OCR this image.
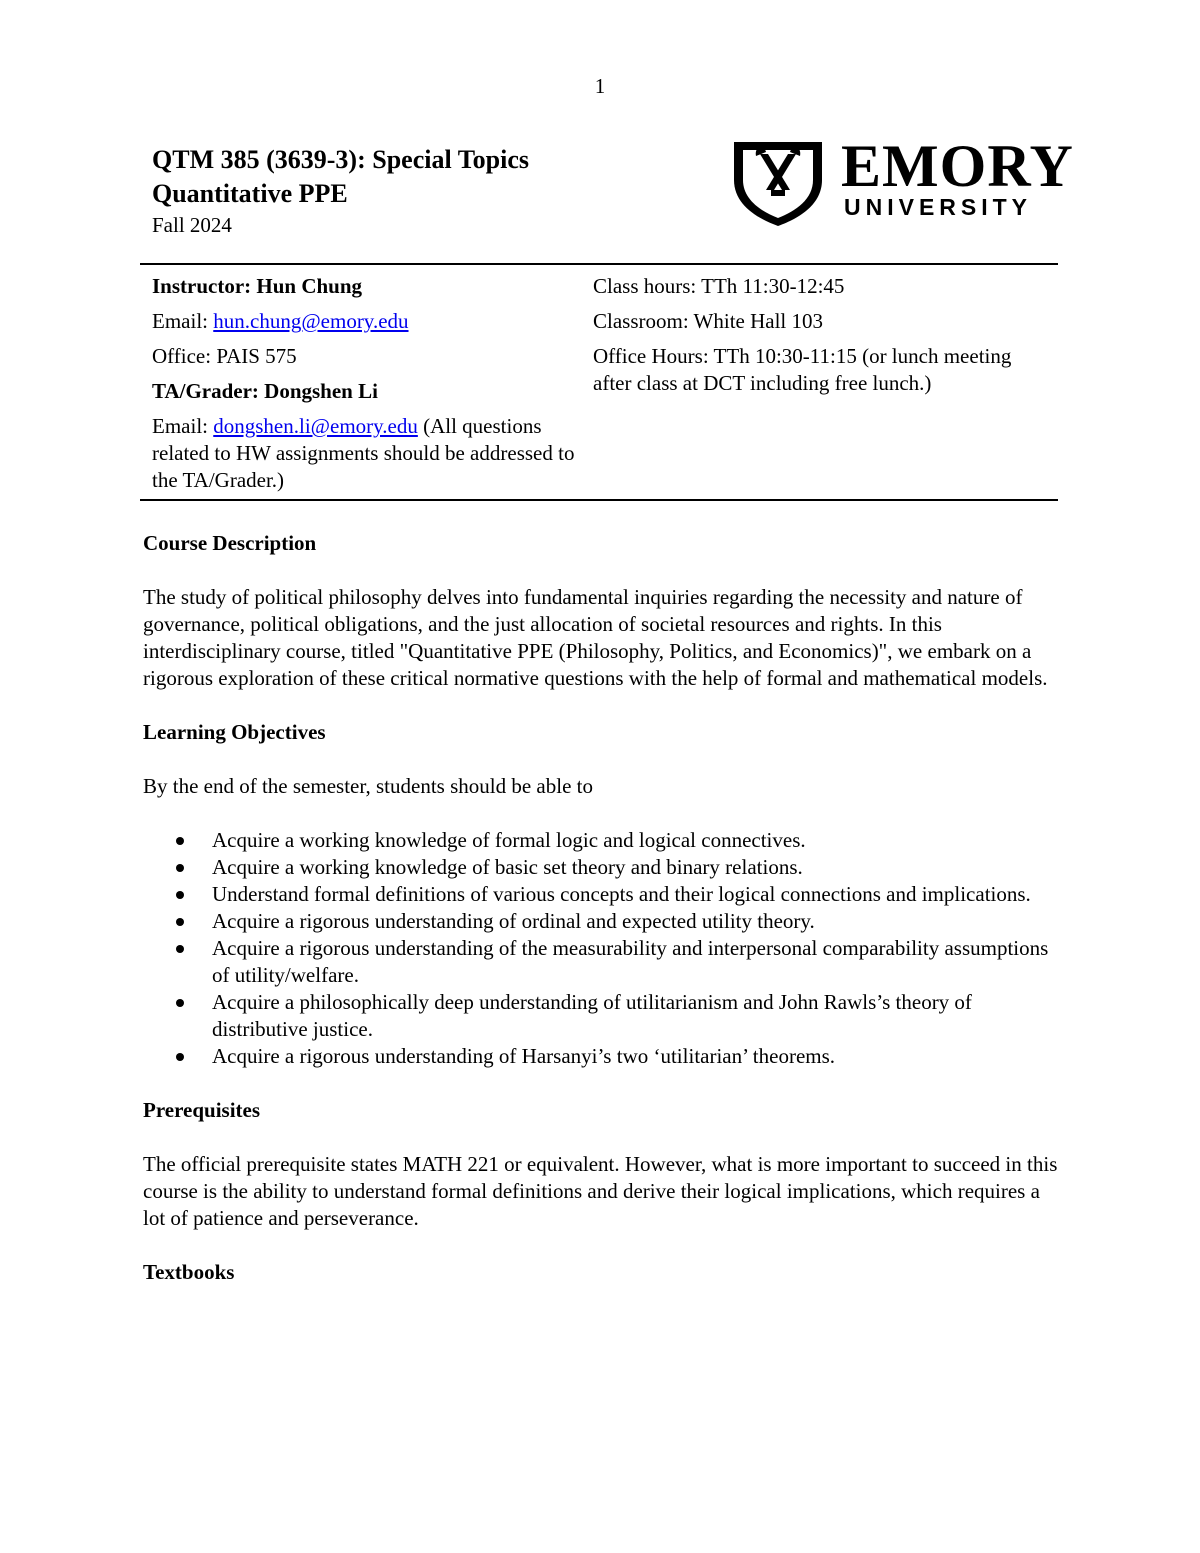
1
QTM 385 (3639-3): Special Topics
Quantitative PPE
Fall 2024
EMORY
UNIVERSITY

Instructor: Hun Chung

Email: hun.chung@emory.edu

Office: PAIS 575

TA/Grader: Dongshen Li

Email: dongshen.li@emory.edu (All questions related to HW assignments should be addressed to the TA/Grader.)

Class hours: TTh 11:30-12:45

Classroom: White Hall 103

Office Hours: TTh 10:30-11:15 (or lunch meeting after class at DCT including free lunch.)

Course Description

The study of political philosophy delves into fundamental inquiries regarding the necessity and nature of governance, political obligations, and the just allocation of societal resources and rights. In this interdisciplinary course, titled "Quantitative PPE (Philosophy, Politics, and Economics)", we embark on a rigorous exploration of these critical normative questions with the help of formal and mathematical models.

Learning Objectives

By the end of the semester, students should be able to

Acquire a working knowledge of formal logic and logical connectives.
Acquire a working knowledge of basic set theory and binary relations.
Understand formal definitions of various concepts and their logical connections and implications.
Acquire a rigorous understanding of ordinal and expected utility theory.
Acquire a rigorous understanding of the measurability and interpersonal comparability assumptions of utility/welfare.
Acquire a philosophically deep understanding of utilitarianism and John Rawls’s theory of distributive justice.
Acquire a rigorous understanding of Harsanyi’s two ‘utilitarian’ theorems.
Prerequisites

The official prerequisite states MATH 221 or equivalent. However, what is more important to succeed in this course is the ability to understand formal definitions and derive their logical implications, which requires a lot of patience and perseverance.

Textbooks
